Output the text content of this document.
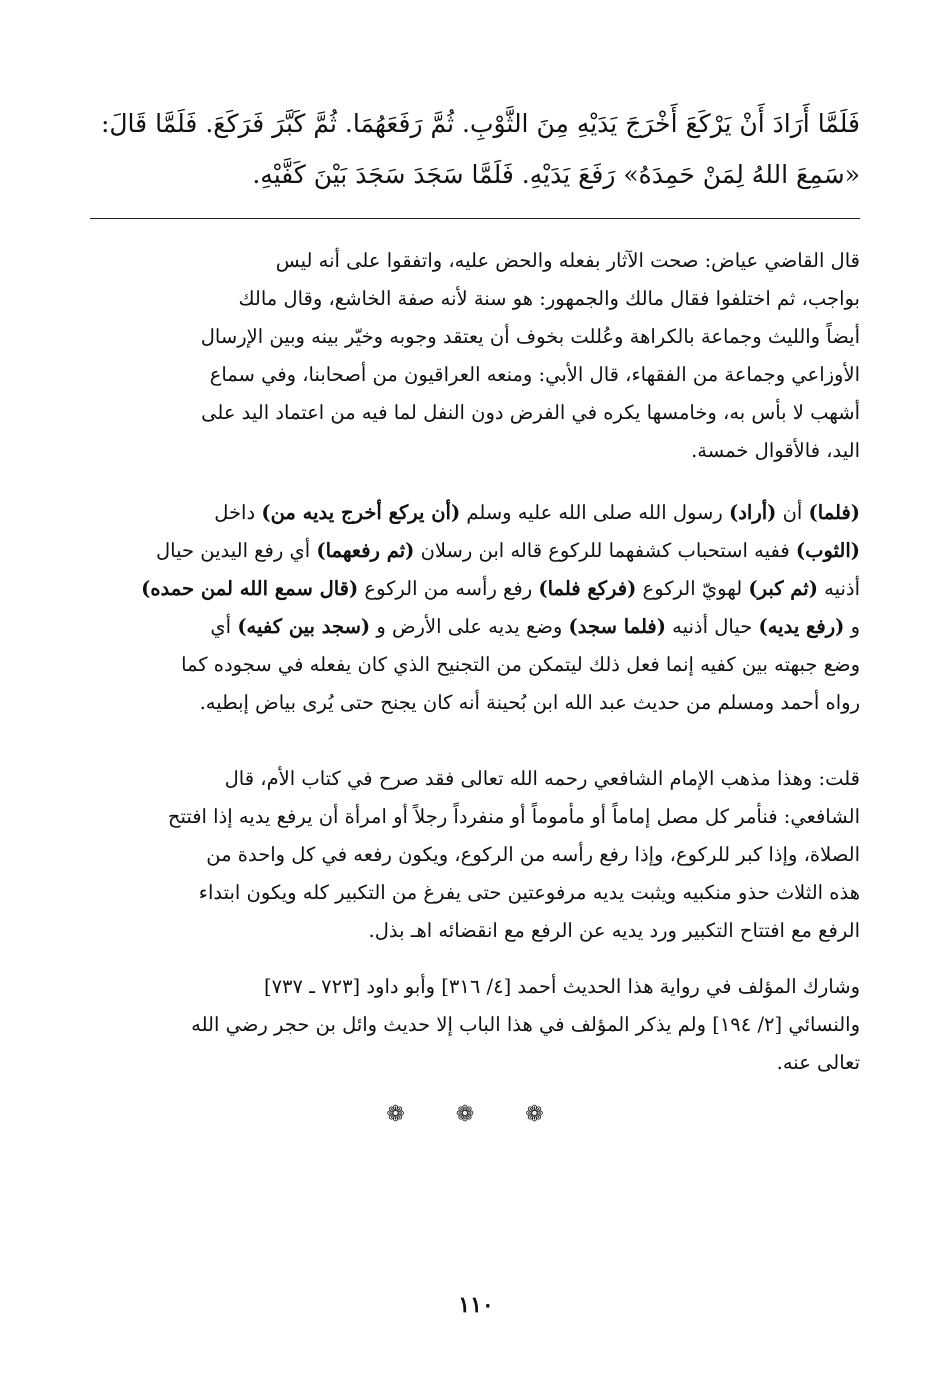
فَلَمَّا أَرَادَ أَنْ يَرْكَعَ أَخْرَجَ يَدَيْهِ مِنَ الثَّوْبِ. ثُمَّ رَفَعَهُمَا. ثُمَّ كَبَّرَ فَرَكَعَ. فَلَمَّا قَالَ:
«سَمِعَ اللهُ لِمَنْ حَمِدَهُ» رَفَعَ يَدَيْهِ. فَلَمَّا سَجَدَ سَجَدَ بَيْنَ كَفَّيْهِ.
قال القاضي عياض: صحت الآثار بفعله والحض عليه، واتفقوا على أنه ليس
بواجب، ثم اختلفوا فقال مالك والجمهور: هو سنة لأنه صفة الخاشع، وقال مالك
أيضاً والليث وجماعة بالكراهة وعُللت بخوف أن يعتقد وجوبه وخيّر بينه وبين الإرسال
الأوزاعي وجماعة من الفقهاء، قال الأبي: ومنعه العراقيون من أصحابنا، وفي سماع
أشهب لا بأس به، وخامسها يكره في الفرض دون النفل لما فيه من اعتماد اليد على
اليد، فالأقوال خمسة.
(فلما) أن (أراد) رسول الله صلى الله عليه وسلم (أن يركع أخرج يديه من) داخل
(الثوب) ففيه استحباب كشفهما للركوع قاله ابن رسلان (ثم رفعهما) أي رفع اليدين حيال
أذنيه (ثم كبر) لهويّ الركوع (فركع فلما) رفع رأسه من الركوع (قال سمع الله لمن حمده)
و (رفع يديه) حيال أذنيه (فلما سجد) وضع يديه على الأرض و (سجد بين كفيه) أي
وضع جبهته بين كفيه إنما فعل ذلك ليتمكن من التجنيح الذي كان يفعله في سجوده كما
رواه أحمد ومسلم من حديث عبد الله ابن بُحينة أنه كان يجنح حتى يُرى بياض إبطيه.
قلت: وهذا مذهب الإمام الشافعي رحمه الله تعالى فقد صرح في كتاب الأم، قال
الشافعي: فنأمر كل مصل إماماً أو مأموماً أو منفرداً رجلاً أو امرأة أن يرفع يديه إذا افتتح
الصلاة، وإذا كبر للركوع، وإذا رفع رأسه من الركوع، ويكون رفعه في كل واحدة من
هذه الثلاث حذو منكبيه ويثبت يديه مرفوعتين حتى يفرغ من التكبير كله ويكون ابتداء
الرفع مع افتتاح التكبير ورد يديه عن الرفع مع انقضائه اهـ بذل.
وشارك المؤلف في رواية هذا الحديث أحمد [٤/ ٣١٦] وأبو داود [٧٢٣ ـ ٧٣٧]
والنسائي [٢/ ١٩٤] ولم يذكر المؤلف في هذا الباب إلا حديث وائل بن حجر رضي الله
تعالى عنه.
❁ ❁ ❁
١١٠
